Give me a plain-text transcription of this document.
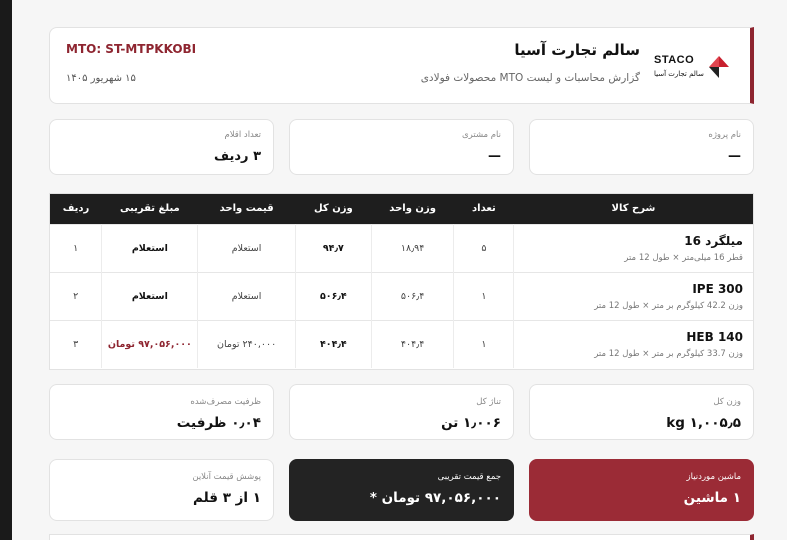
MTO: ST-MTPKKOBI
۱۵ شهریور ۱۴۰۵
سالم تجارت آسیا
گزارش محاسبات و لیست MTO محصولات فولادی
STACO
سالم تجارت آسیا
نام پروژه
—
نام مشتری
—
تعداد اقلام
۳ ردیف
شرح کالا	تعداد	وزن واحد	وزن کل	قیمت واحد	مبلغ تقریبی	ردیف

میلگرد 16
قطر 16 میلی‌متر × طول 12 متر	۵	۱۸٫۹۴	۹۴٫۷	استعلام	استعلام	۱

IPE 300
وزن 42.2 کیلوگرم بر متر × طول 12 متر	۱	۵۰۶٫۴	۵۰۶٫۴	استعلام	استعلام	۲

HEB 140
وزن 33.7 کیلوگرم بر متر × طول 12 متر	۱	۴۰۴٫۴	۴۰۴٫۴	۲۴۰,۰۰۰ تومان	۹۷,۰۵۶,۰۰۰ تومان	۳
وزن کل
kg ۱,۰۰۵٫۵
تناژ کل
۱٫۰۰۶ تن
ظرفیت مصرف‌شده
۰٫۰۴ ظرفیت
ماشین موردنیاز
۱ ماشین
جمع قیمت تقریبی
۹۷,۰۵۶,۰۰۰ تومان *
پوشش قیمت آنلاین
۱ از ۳ قلم
